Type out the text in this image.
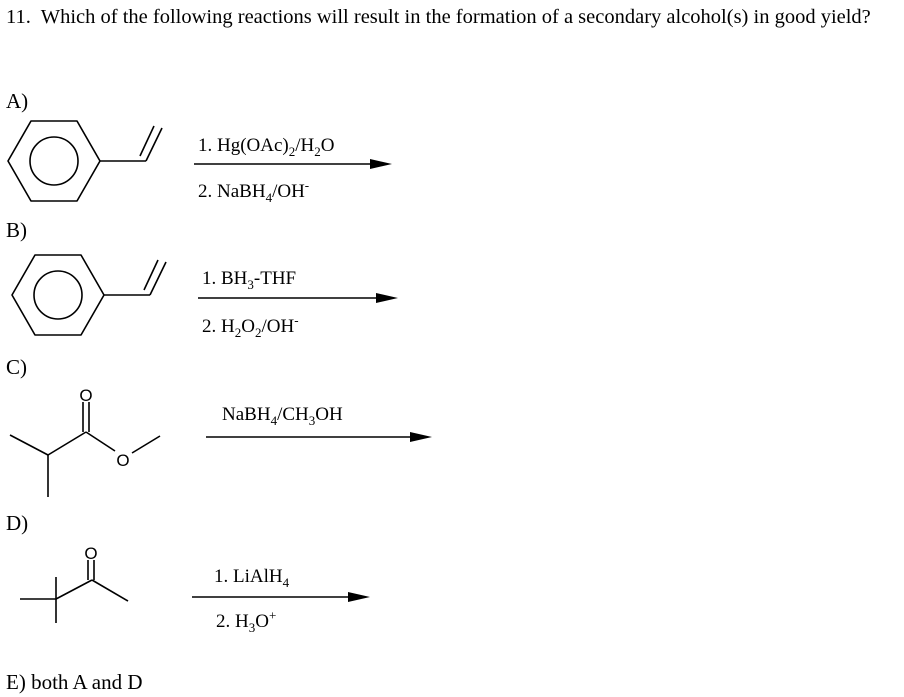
11. Which of the following reactions will result in the formation of a secondary alcohol(s) in good yield?
A)
B)
C)
D)
E) both A and D
O
O
O
1. $Hg(OAc)_2/H_2O$
2. NaBH$_4$/OH-
1. $BH_3$-THF
2. $H_2O_2/OH^-$
$NaBH_4/CH_3OH$
1. LiAlH$_4$
2. $H_3O^+$
